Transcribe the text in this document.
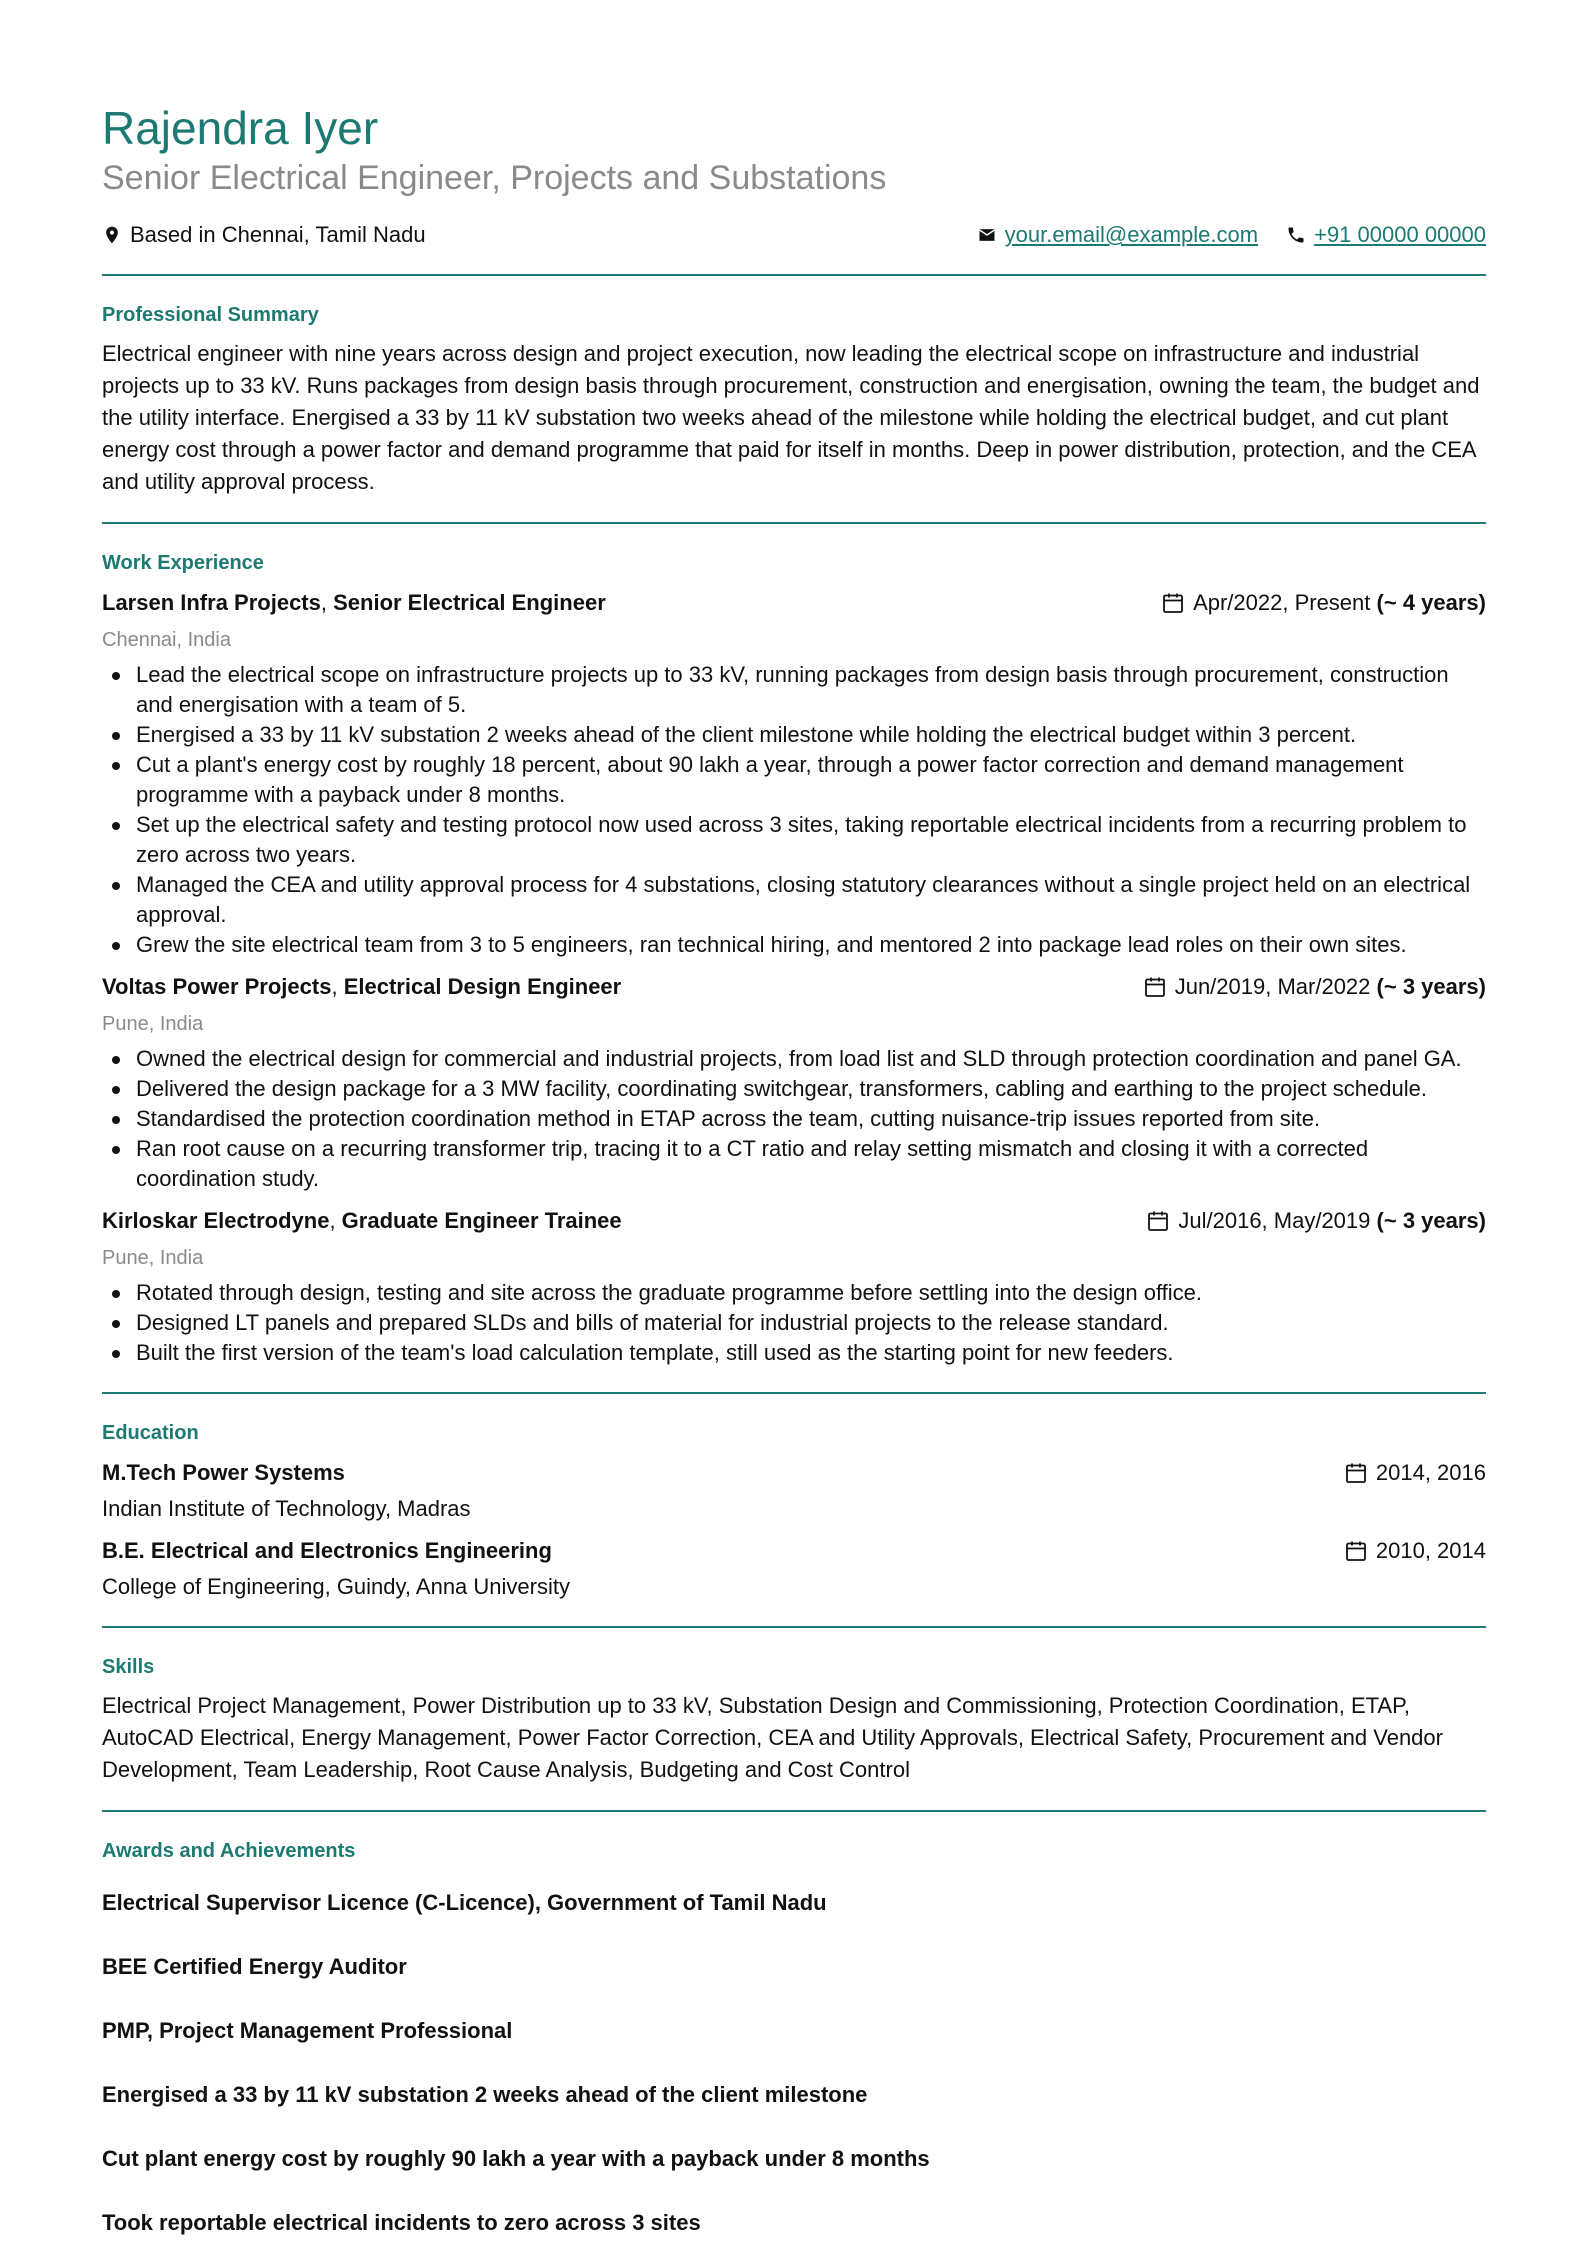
Rajendra Iyer
Senior Electrical Engineer, Projects and Substations
Based in Chennai, Tamil Nadu	your.email@example.com	+91 00000 00000
Professional Summary

Electrical engineer with nine years across design and project execution, now leading the electrical scope on infrastructure and industrial projects up to 33 kV. Runs packages from design basis through procurement, construction and energisation, owning the team, the budget and the utility interface. Energised a 33 by 11 kV substation two weeks ahead of the milestone while holding the electrical budget, and cut plant energy cost through a power factor and demand programme that paid for itself in months. Deep in power distribution, protection, and the CEA and utility approval process.

Work Experience
Larsen Infra Projects, Senior Electrical Engineer	Apr/2022, Present
(~ 4 years)
Chennai, India
Lead the electrical scope on infrastructure projects up to 33 kV, running packages from design basis through procurement, construction and energisation with a team of 5.
Energised a 33 by 11 kV substation 2 weeks ahead of the client milestone while holding the electrical budget within 3 percent.
Cut a plant's energy cost by roughly 18 percent, about 90 lakh a year, through a power factor correction and demand management programme with a payback under 8 months.
Set up the electrical safety and testing protocol now used across 3 sites, taking reportable electrical incidents from a recurring problem to zero across two years.
Managed the CEA and utility approval process for 4 substations, closing statutory clearances without a single project held on an electrical approval.
Grew the site electrical team from 3 to 5 engineers, ran technical hiring, and mentored 2 into package lead roles on their own sites.
Voltas Power Projects, Electrical Design Engineer	Jun/2019, Mar/2022
(~ 3 years)
Pune, India
Owned the electrical design for commercial and industrial projects, from load list and SLD through protection coordination and panel GA.
Delivered the design package for a 3 MW facility, coordinating switchgear, transformers, cabling and earthing to the project schedule.
Standardised the protection coordination method in ETAP across the team, cutting nuisance-trip issues reported from site.
Ran root cause on a recurring transformer trip, tracing it to a CT ratio and relay setting mismatch and closing it with a corrected coordination study.
Kirloskar Electrodyne, Graduate Engineer Trainee	Jul/2016, May/2019
(~ 3 years)
Pune, India
Rotated through design, testing and site across the graduate programme before settling into the design office.
Designed LT panels and prepared SLDs and bills of material for industrial projects to the release standard.
Built the first version of the team's load calculation template, still used as the starting point for new feeders.
Education
M.Tech Power Systems	2014, 2016
Indian Institute of Technology, Madras
B.E. Electrical and Electronics Engineering	2010, 2014
College of Engineering, Guindy, Anna University
Skills

Electrical Project Management, Power Distribution up to 33 kV, Substation Design and Commissioning, Protection Coordination, ETAP, AutoCAD Electrical, Energy Management, Power Factor Correction, CEA and Utility Approvals, Electrical Safety, Procurement and Vendor Development, Team Leadership, Root Cause Analysis, Budgeting and Cost Control

Awards and Achievements
Electrical Supervisor Licence (C-Licence), Government of Tamil Nadu
BEE Certified Energy Auditor
PMP, Project Management Professional
Energised a 33 by 11 kV substation 2 weeks ahead of the client milestone
Cut plant energy cost by roughly 90 lakh a year with a payback under 8 months
Took reportable electrical incidents to zero across 3 sites
